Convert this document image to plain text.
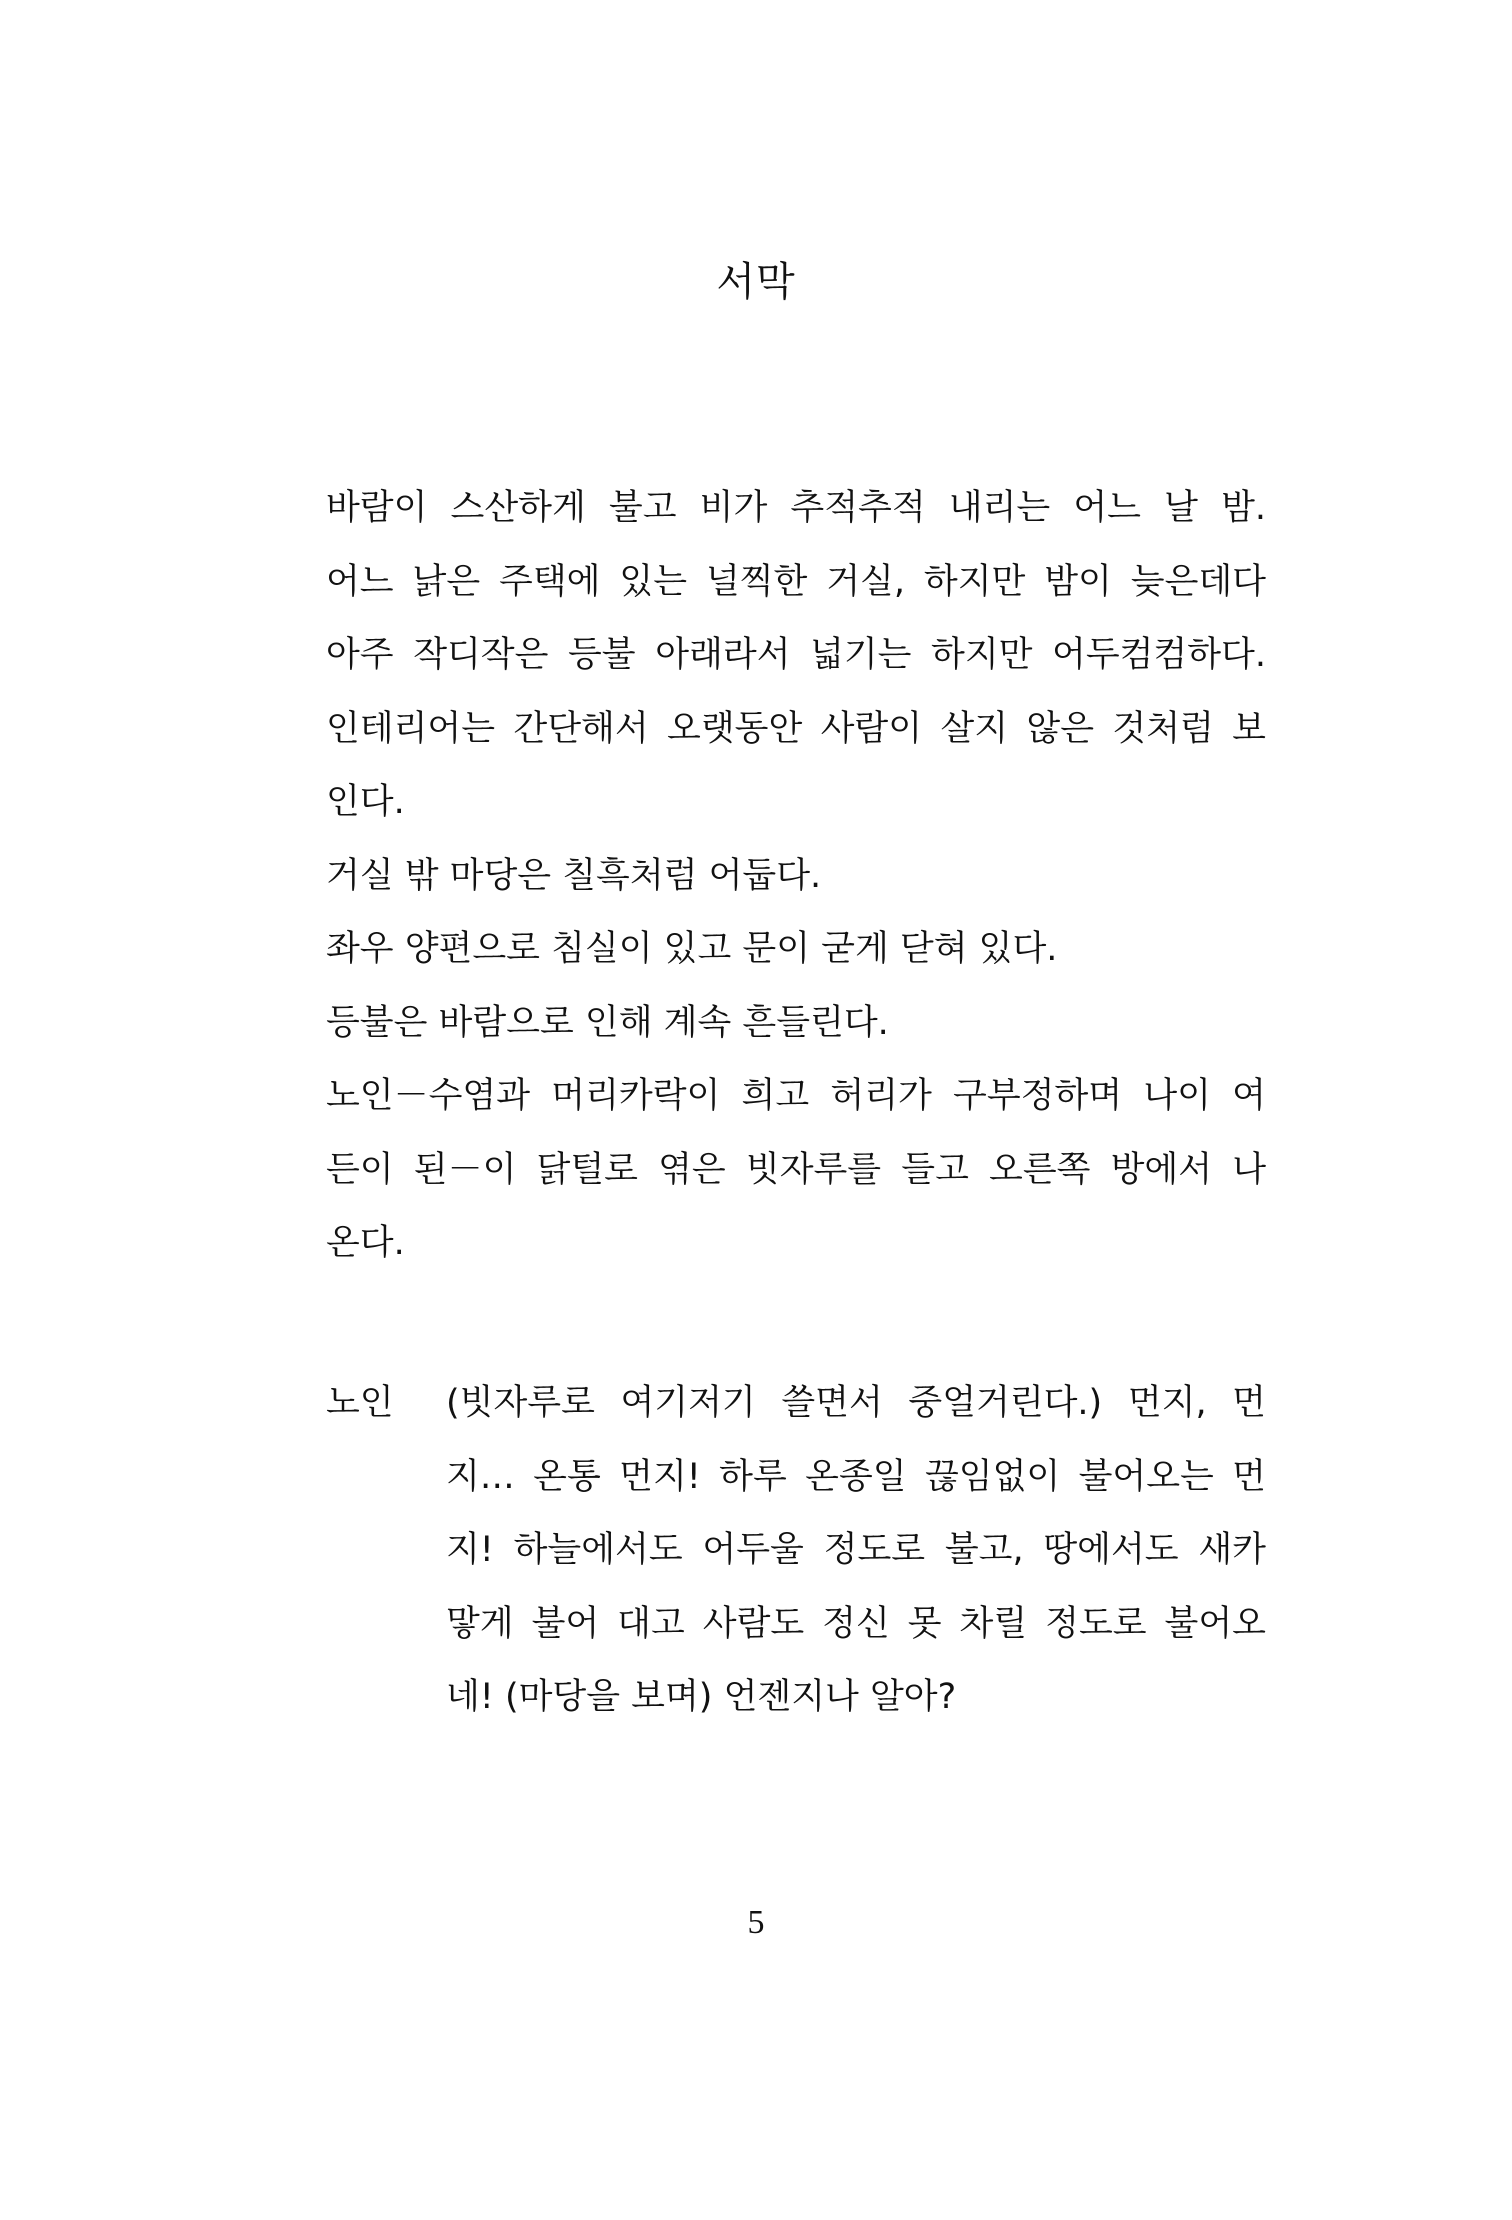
서막
바람이 스산하게 불고 비가 추적추적 내리는 어느 날 밤.
어느 낡은 주택에 있는 널찍한 거실, 하지만 밤이 늦은데다
아주 작디작은 등불 아래라서 넓기는 하지만 어두컴컴하다.
인테리어는 간단해서 오랫동안 사람이 살지 않은 것처럼 보
인다.
거실 밖 마당은 칠흑처럼 어둡다.
좌우 양편으로 침실이 있고 문이 굳게 닫혀 있다.
등불은 바람으로 인해 계속 흔들린다.
노인－수염과 머리카락이 희고 허리가 구부정하며 나이 여
든이 된－이 닭털로 엮은 빗자루를 들고 오른쪽 방에서 나
온다.
노인	(빗자루로 여기저기 쓸면서 중얼거린다.) 먼지, 먼
지… 온통 먼지! 하루 온종일 끊임없이 불어오는 먼
지! 하늘에서도 어두울 정도로 불고, 땅에서도 새카
맣게 불어 대고 사람도 정신 못 차릴 정도로 불어오
네! (마당을 보며) 언젠지나 알아?
5
